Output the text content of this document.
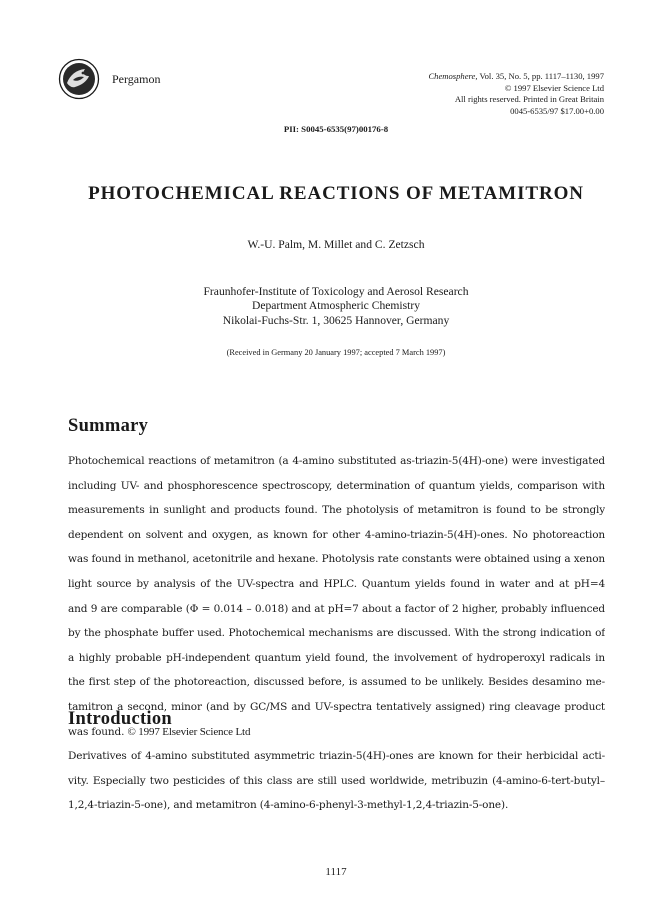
Pergamon	Chemosphere, Vol. 35, No. 5, pp. 1117–1130, 1997
© 1997 Elsevier Science Ltd
All rights reserved. Printed in Great Britain
0045-6535/97 $17.00+0.00
PII: S0045-6535(97)00176-8
PHOTOCHEMICAL REACTIONS OF METAMITRON
W.-U. Palm, M. Millet and C. Zetzsch
Fraunhofer-Institute of Toxicology and Aerosol Research
Department Atmospheric Chemistry
Nikolai-Fuchs-Str. 1, 30625 Hannover, Germany
(Received in Germany 20 January 1997; accepted 7 March 1997)
Summary
Photochemical reactions of metamitron (a 4-amino substituted as-triazin-5(4H)-one) were investigated
including UV- and phosphorescence spectroscopy, determination of quantum yields, comparison with
measurements in sunlight and products found. The photolysis of metamitron is found to be strongly
dependent on solvent and oxygen, as known for other 4-amino-triazin-5(4H)-ones. No photoreaction
was found in methanol, acetonitrile and hexane. Photolysis rate constants were obtained using a xenon
light source by analysis of the UV-spectra and HPLC. Quantum yields found in water and at pH=4
and 9 are comparable (Φ = 0.014 – 0.018) and at pH=7 about a factor of 2 higher, probably influenced
by the phosphate buffer used. Photochemical mechanisms are discussed. With the strong indication of
a highly probable pH-independent quantum yield found, the involvement of hydroperoxyl radicals in
the first step of the photoreaction, discussed before, is assumed to be unlikely. Besides desamino me-
tamitron a second, minor (and by GC/MS and UV-spectra tentatively assigned) ring cleavage product
was found. © 1997 Elsevier Science Ltd
Introduction
Derivatives of 4-amino substituted asymmetric triazin-5(4H)-ones are known for their herbicidal acti-
vity. Especially two pesticides of this class are still used worldwide, metribuzin (4-amino-6-tert-butyl–
1,2,4-triazin-5-one), and metamitron (4-amino-6-phenyl-3-methyl-1,2,4-triazin-5-one).
1117
